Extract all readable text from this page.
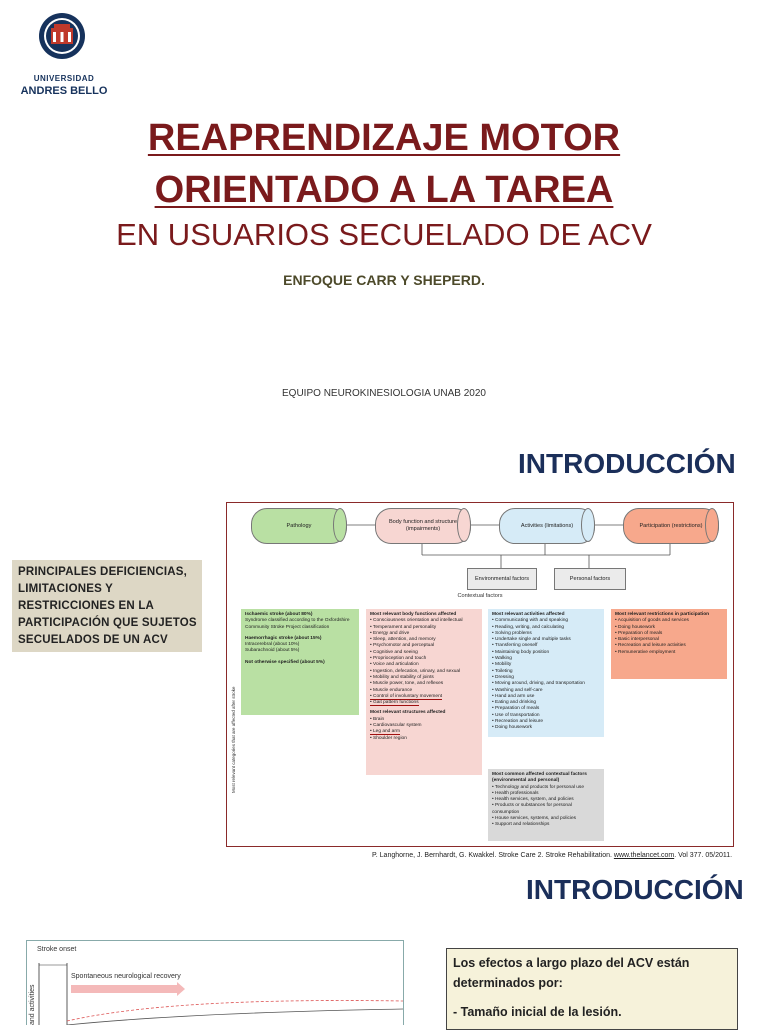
UNIVERSIDAD
ANDRES BELLO
REAPRENDIZAJE MOTOR
ORIENTADO A LA TAREA
EN USUARIOS SECUELADO DE ACV
ENFOQUE CARR Y SHEPERD.
EQUIPO NEUROKINESIOLOGIA UNAB 2020
INTRODUCCIÓN
PRINCIPALES DEFICIENCIAS, LIMITACIONES Y RESTRICCIONES EN LA PARTICIPACIÓN QUE SUJETOS SECUELADOS DE UN ACV
Pathology
Body function and structure (impairments)
Activities (limitations)	Participation (restrictions)
Environmental factors	Personal factors
Contextual factors
Most relevant categories that are affected after stroke
Ischaemic stroke (about 80%)
Syndrome classified according to the Oxfordshire Community Stroke Project classification
Haemorrhagic stroke (about 15%)
Intracerebral (about 10%)
Subarachnoid (about 5%)
Not otherwise specified (about 5%)
Most relevant body functions affected
• Consciousness orientation and intellectual
• Temperament and personality
• Energy and drive
• Sleep, attention, and memory
• Psychomotor and perceptual
• Cognitive and seeing
• Proprioception and touch
• Voice and articulation
• Ingestion, defecation, urinary, and sexual
• Mobility and stability of joints
• Muscle power, tone, and reflexes
• Muscle endurance
• Control of involuntary movement
• Gait pattern functions
Most relevant structures affected
• Brain
• Cardiovascular system
• Leg and arm
• Shoulder region
Most relevant activities affected
• Communicating with and speaking
• Reading, writing, and calculating
• Solving problems
• Undertake single and multiple tasks
• Transferring oneself
• Maintaining body position
• Walking
• Mobility
• Toileting
• Dressing
• Moving around, driving, and transportation
• Washing and self-care
• Hand and arm use
• Eating and drinking
• Preparation of meals
• Use of transportation
• Recreation and leisure
• Doing housework
Most common affected contextual factors (environmental and personal)
• Technology and products for personal use
• Health professionals
• Health services, system, and policies
• Products or substances for personal consumption
• House services, systems, and policies
• Support and relationships
Most relevant restrictions in participation
• Acquisition of goods and services
• Doing housework
• Preparation of meals
• Basic interpersonal
• Recreation and leisure activities
• Remunerative employment
P. Langhorne, J. Bernhardt, G. Kwakkel. Stroke Care 2. Stroke Rehabilitation. www.thelancet.com. Vol 377. 05/2011.
INTRODUCCIÓN
Stroke onset
Spontaneous neurological recovery
and activities
Los efectos a largo plazo del ACV están determinados por:
- Tamaño inicial de la lesión.
